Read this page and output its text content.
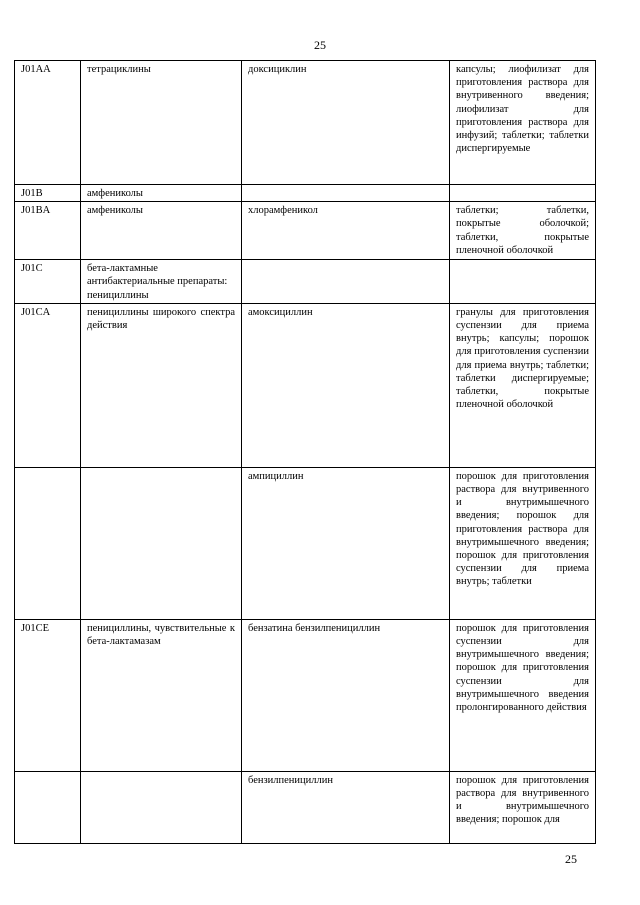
25
J01AA	тетрациклины	доксициклин	капсулы; лиофилизат для приготовления раствора для внутривенного введения; лиофилизат для приготовления раствора для инфузий; таблетки; таблетки диспергируемые
J01B	амфениколы		
J01BA	амфениколы	хлорамфеникол	таблетки; таблетки, покрытые оболочкой; таблетки, покрытые пленочной оболочкой
J01C	бета-лактамные антибактериальные препараты: пенициллины		
J01CA	пенициллины широкого спектра действия	амоксициллин	гранулы для приготовления суспензии для приема внутрь; капсулы; порошок для приготовления суспензии для приема внутрь; таблетки; таблетки диспергируемые; таблетки, покрытые пленочной оболочкой
		ампициллин	порошок для приготовления раствора для внутривенного и внутримышечного введения; порошок для приготовления раствора для внутримышечного введения; порошок для приготовления суспензии для приема внутрь; таблетки
J01CE	пенициллины, чувствительные к бета-лактамазам	бензатина бензилпенициллин	порошок для приготовления суспензии для внутримышечного введения; порошок для приготовления суспензии для внутримышечного введения пролонгированного действия
		бензилпенициллин	порошок для приготовления раствора для внутривенного и внутримышечного введения; порошок для
25
